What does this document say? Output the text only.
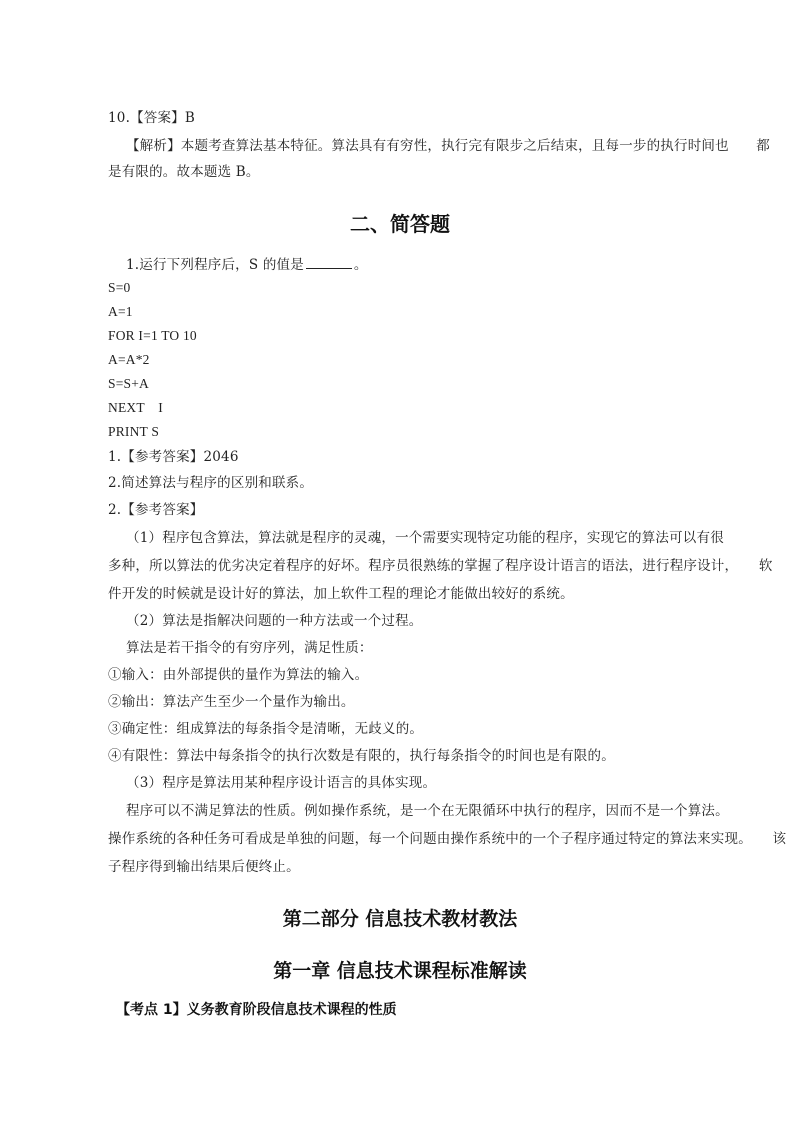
10.【答案】B
【解析】本题考查算法基本特征。算法具有有穷性，执行完有限步之后结束，且每一步的执行时间也　　都
是有限的。故本题选 B。
二、简答题
1.运行下列程序后，S 的值是	。
S=0
A=1
FOR I=1 TO 10
A=A*2
S=S+A
NEXT　I
PRINT S
1.【参考答案】2046
2.简述算法与程序的区别和联系。
2.【参考答案】
（1）程序包含算法，算法就是程序的灵魂，一个需要实现特定功能的程序，实现它的算法可以有很
多种，所以算法的优劣决定着程序的好坏。程序员很熟练的掌握了程序设计语言的语法，进行程序设计，　　软
件开发的时候就是设计好的算法，加上软件工程的理论才能做出较好的系统。
（2）算法是指解决问题的一种方法或一个过程。
算法是若干指令的有穷序列，满足性质：
①输入：由外部提供的量作为算法的输入。
②输出：算法产生至少一个量作为输出。
③确定性：组成算法的每条指令是清晰，无歧义的。
④有限性：算法中每条指令的执行次数是有限的，执行每条指令的时间也是有限的。
（3）程序是算法用某种程序设计语言的具体实现。
程序可以不满足算法的性质。例如操作系统，是一个在无限循环中执行的程序，因而不是一个算法。
操作系统的各种任务可看成是单独的问题，每一个问题由操作系统中的一个子程序通过特定的算法来实现。　　该
子程序得到输出结果后便终止。
第二部分 信息技术教材教法
第一章 信息技术课程标准解读
【考点 1】义务教育阶段信息技术课程的性质
